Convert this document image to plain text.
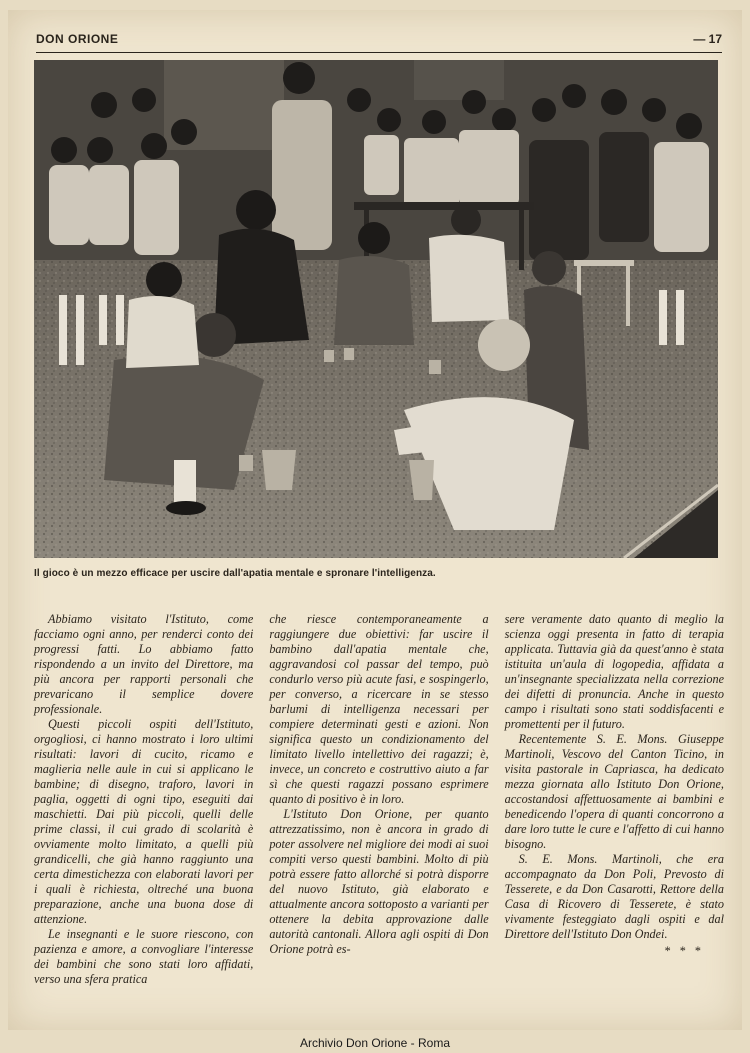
DON ORIONE	— 17
Il gioco è un mezzo efficace per uscire dall'apatia mentale e spronare l'intelligenza.

Abbiamo visitato l'Istituto, come facciamo ogni anno, per renderci conto dei progressi fatti. Lo abbiamo fatto rispondendo a un invito del Direttore, ma più ancora per rapporti personali che prevaricano il semplice dovere professionale.

Questi piccoli ospiti dell'Istituto, orgogliosi, ci hanno mostrato i loro ultimi risultati: lavori di cucito, ricamo e maglieria nelle aule in cui si applicano le bambine; di disegno, traforo, lavori in paglia, oggetti di ogni tipo, eseguiti dai maschietti. Dai più piccoli, quelli delle prime classi, il cui grado di scolarità è ovviamente molto limitato, a quelli più grandicelli, che già hanno raggiunto una certa dimestichezza con elaborati lavori per i quali è richiesta, oltreché una buona preparazione, anche una buona dose di attenzione.

Le insegnanti e le suore riescono, con pazienza e amore, a convogliare l'interesse dei bambini che sono stati loro affidati, verso una sfera pratica

che riesce contemporaneamente a raggiungere due obiettivi: far uscire il bambino dall'apatia mentale che, aggravandosi col passar del tempo, può condurlo verso più acute fasi, e sospingerlo, per converso, a ricercare in se stesso barlumi di intelligenza necessari per compiere determinati gesti e azioni. Non significa questo un condizionamento del limitato livello intellettivo dei ragazzi; è, invece, un concreto e costruttivo aiuto a far sì che questi ragazzi possano esprimere quanto di positivo è in loro.

L'Istituto Don Orione, per quanto attrezzatissimo, non è ancora in grado di poter assolvere nel migliore dei modi ai suoi compiti verso questi bambini. Molto di più potrà essere fatto allorché si potrà disporre del nuovo Istituto, già elaborato e attualmente ancora sottoposto a varianti per ottenere la debita approvazione dalle autorità cantonali. Allora agli ospiti di Don Orione potrà es-

sere veramente dato quanto di meglio la scienza oggi presenta in fatto di terapia applicata. Tuttavia già da quest'anno è stata istituita un'aula di logopedia, affidata a un'insegnante specializzata nella correzione dei difetti di pronuncia. Anche in questo campo i risultati sono stati soddisfacenti e promettenti per il futuro.

Recentemente S. E. Mons. Giuseppe Martinoli, Vescovo del Canton Ticino, in visita pastorale in Capriasca, ha dedicato mezza giornata allo Istituto Don Orione, accostandosi affettuosamente ai bambini e benedicendo l'opera di quanti concorrono a dare loro tutte le cure e l'affetto di cui hanno bisogno.

S. E. Mons. Martinoli, che era accompagnato da Don Poli, Prevosto di Tesserete, e da Don Casarotti, Rettore della Casa di Ricovero di Tesserete, è stato vivamente festeggiato dagli ospiti e dal Direttore dell'Istituto Don Ondei.

* * *
Archivio Don Orione - Roma
